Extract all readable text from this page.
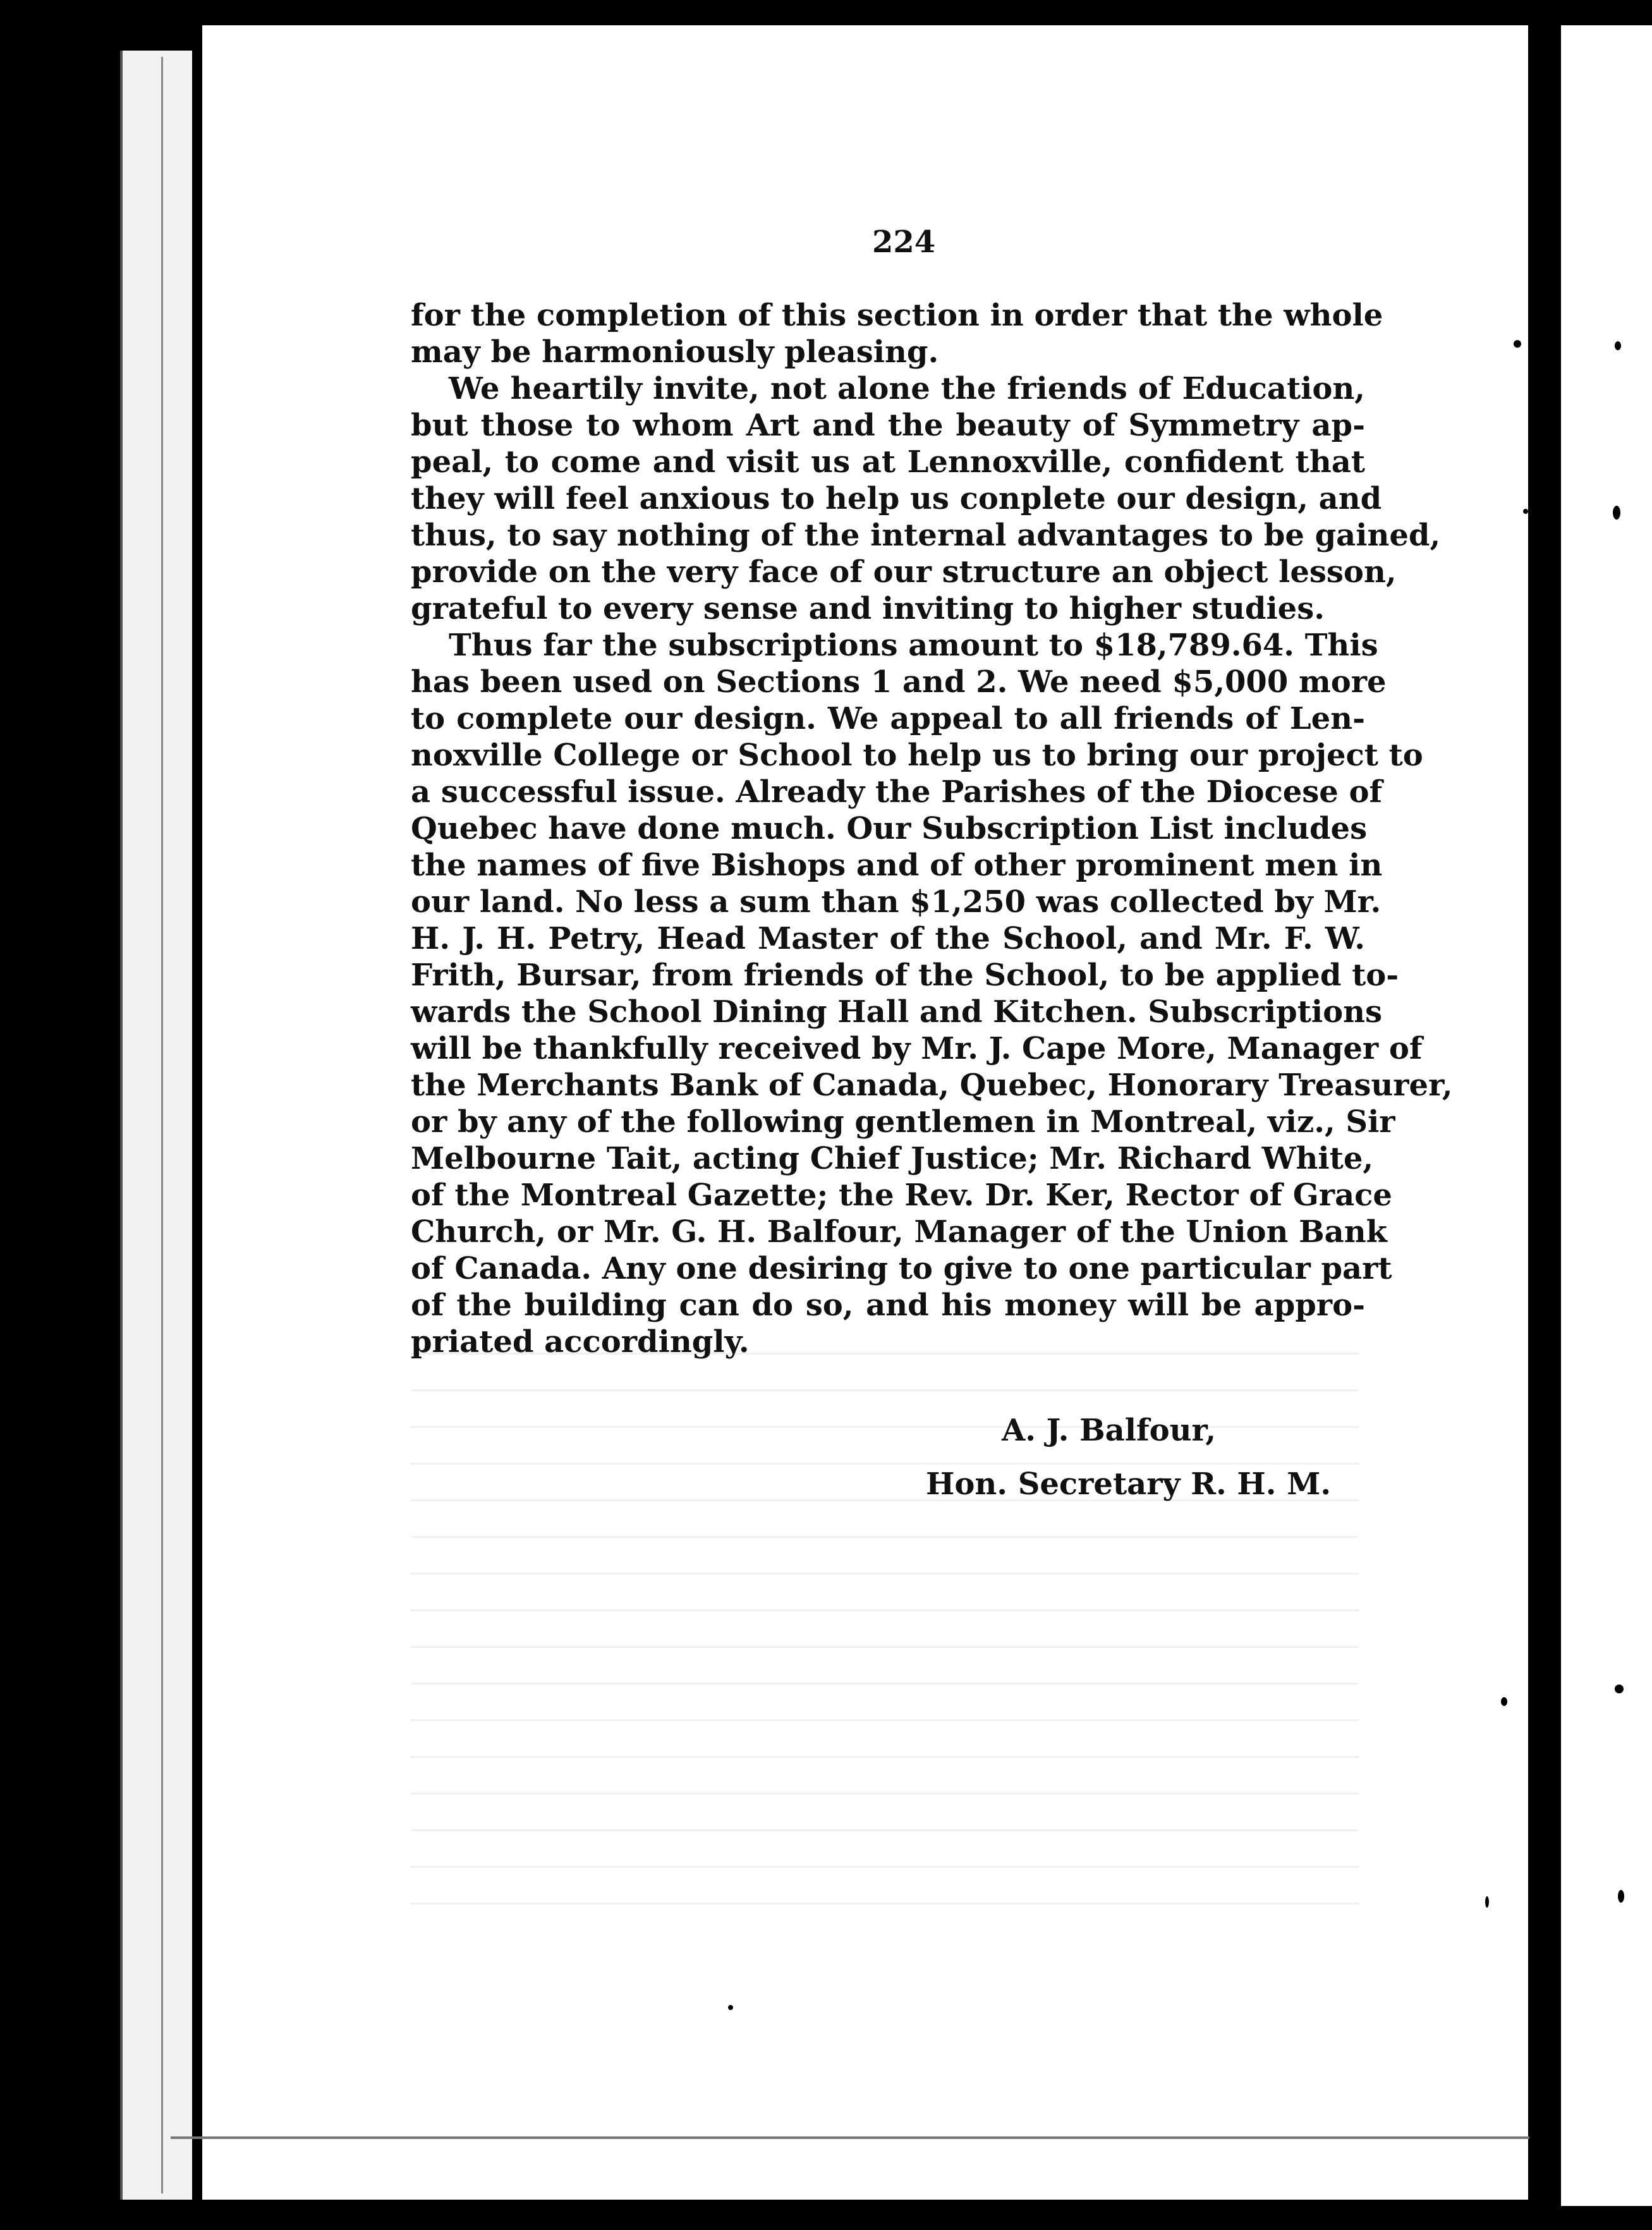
224
for the completion of this section in order that the whole
may be harmoniously pleasing.
We heartily invite, not alone the friends of Education,
but those to whom Art and the beauty of Symmetry ap-
peal, to come and visit us at Lennoxville, confident that
they will feel anxious to help us conplete our design, and
thus, to say nothing of the internal advantages to be gained,
provide on the very face of our structure an object lesson,
grateful to every sense and inviting to higher studies.
Thus far the subscriptions amount to $18,789.64. This
has been used on Sections 1 and 2. We need $5,000 more
to complete our design. We appeal to all friends of Len-
noxville College or School to help us to bring our project to
a successful issue. Already the Parishes of the Diocese of
Quebec have done much. Our Subscription List includes
the names of five Bishops and of other prominent men in
our land. No less a sum than $1,250 was collected by Mr.
H. J. H. Petry, Head Master of the School, and Mr. F. W.
Frith, Bursar, from friends of the School, to be applied to-
wards the School Dining Hall and Kitchen. Subscriptions
will be thankfully received by Mr. J. Cape More, Manager of
the Merchants Bank of Canada, Quebec, Honorary Treasurer,
or by any of the following gentlemen in Montreal, viz., Sir
Melbourne Tait, acting Chief Justice; Mr. Richard White,
of the Montreal Gazette; the Rev. Dr. Ker, Rector of Grace
Church, or Mr. G. H. Balfour, Manager of the Union Bank
of Canada. Any one desiring to give to one particular part
of the building can do so, and his money will be appro-
priated accordingly.
A. J. Balfour,
Hon. Secretary R. H. M.
